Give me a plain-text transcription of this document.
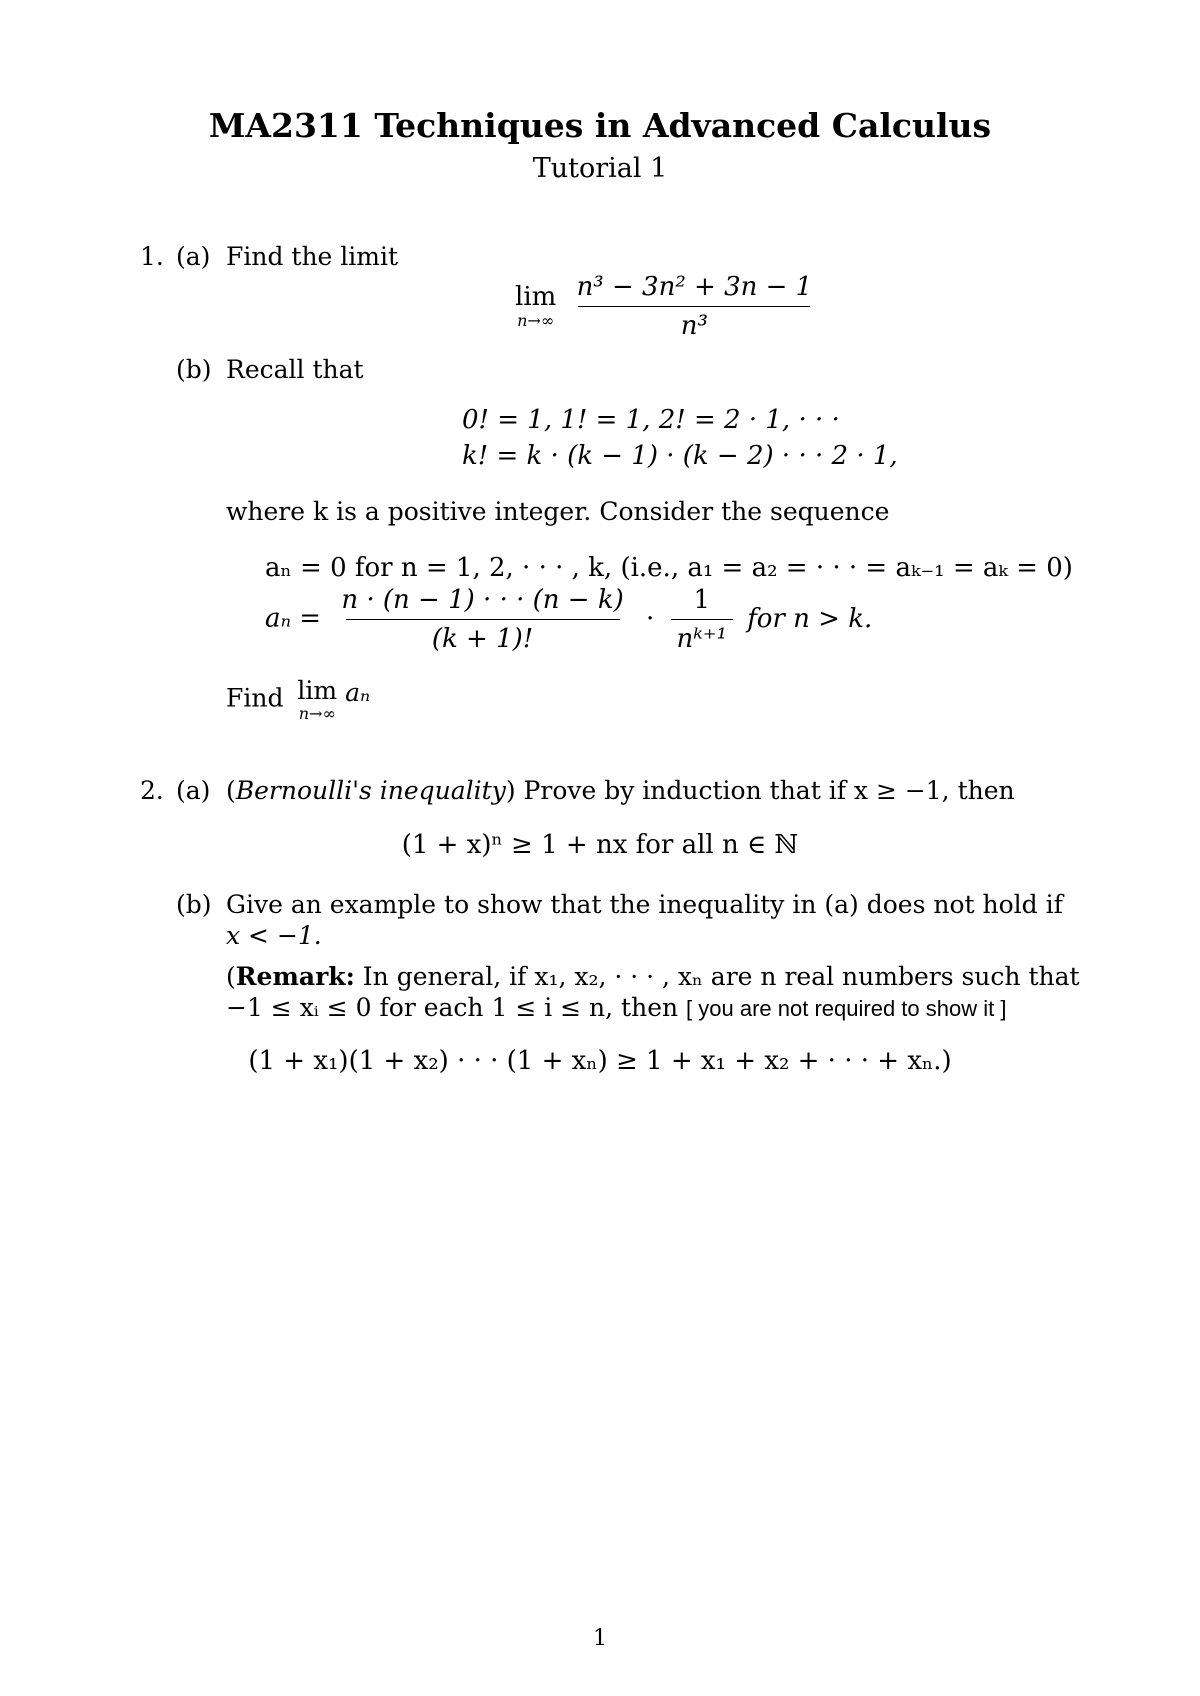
MA2311 Techniques in Advanced Calculus
Tutorial 1
1. (a) Find the limit
lim
n→∞
$\frac{\text{n³ − 3n² + 3n − 1}}{\text{n³}}$
(b) Recall that
0! = 1, 1! = 1, 2! = 2 · 1, · · ·
k! = k · (k − 1) · (k − 2) · · · 2 · 1,
where k is a positive integer. Consider the sequence
aₙ = 0 for n = 1, 2, · · · , k, (i.e., a₁ = a₂ = · · · = aₖ₋₁ = aₖ = 0)
$a_n = \frac{n \cdot (n - 1) \cdot \cdot \cdot (n - k)}{(k + 1)!} \cdot \frac{1}{\text{nᵏ⁺¹}}$ for n > k.
Find lim
n→∞
aₙ
2. (a) (Bernoulli's inequality) Prove by induction that if x ≥ −1, then
(1 + x)ⁿ ≥ 1 + nx for all n ∈ ℕ
(b) Give an example to show that the inequality in (a) does not hold if
x < −1.
(Remark: In general, if x₁, x₂, · · · , xₙ are n real numbers such that
−1 ≤ xᵢ ≤ 0 for each 1 ≤ i ≤ n, then [ you are not required to show it ]
(1 + x₁)(1 + x₂) · · · (1 + xₙ) ≥ 1 + x₁ + x₂ + · · · + xₙ.)
1
